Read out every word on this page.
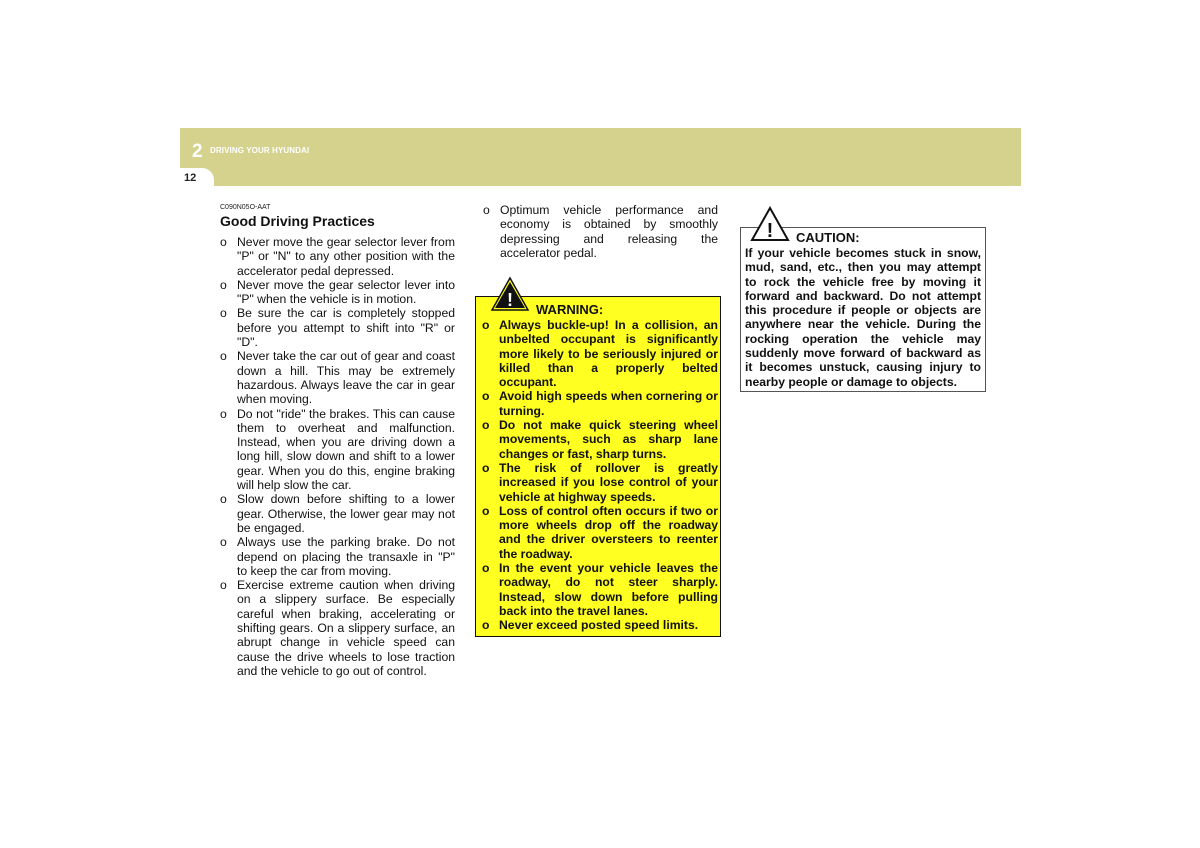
2 DRIVING YOUR HYUNDAI
12
C090N05O-AAT
Good Driving Practices
o Never move the gear selector lever from "P" or "N" to any other position with the accelerator pedal depressed.
o Never move the gear selector lever into "P" when the vehicle is in motion.
o Be sure the car is completely stopped before you attempt to shift into "R" or "D".
o Never take the car out of gear and coast down a hill. This may be extremely hazardous. Always leave the car in gear when moving.
o Do not "ride" the brakes. This can cause them to overheat and malfunction. Instead, when you are driving down a long hill, slow down and shift to a lower gear. When you do this, engine braking will help slow the car.
o Slow down before shifting to a lower gear. Otherwise, the lower gear may not be engaged.
o Always use the parking brake. Do not depend on placing the transaxle in "P" to keep the car from moving.
o Exercise extreme caution when driving on a slippery surface. Be especially careful when braking, accelerating or shifting gears. On a slippery surface, an abrupt change in vehicle speed can cause the drive wheels to lose traction and the vehicle to go out of control.
o Optimum vehicle performance and economy is obtained by smoothly depressing and releasing the accelerator pedal.
! WARNING:
o Always buckle-up! In a collision, an unbelted occupant is significantly more likely to be seriously injured or killed than a properly belted occupant.
o Avoid high speeds when cornering or turning.
o Do not make quick steering wheel movements, such as sharp lane changes or fast, sharp turns.
o The risk of rollover is greatly increased if you lose control of your vehicle at highway speeds.
o Loss of control often occurs if two or more wheels drop off the roadway and the driver oversteers to reenter the roadway.
o In the event your vehicle leaves the roadway, do not steer sharply. Instead, slow down before pulling back into the travel lanes.
o Never exceed posted speed limits.
! CAUTION:
If your vehicle becomes stuck in snow, mud, sand, etc., then you may attempt to rock the vehicle free by moving it forward and backward. Do not attempt this procedure if people or objects are anywhere near the vehicle. During the rocking operation the vehicle may suddenly move forward of backward as it becomes unstuck, causing injury to nearby people or damage to objects.
